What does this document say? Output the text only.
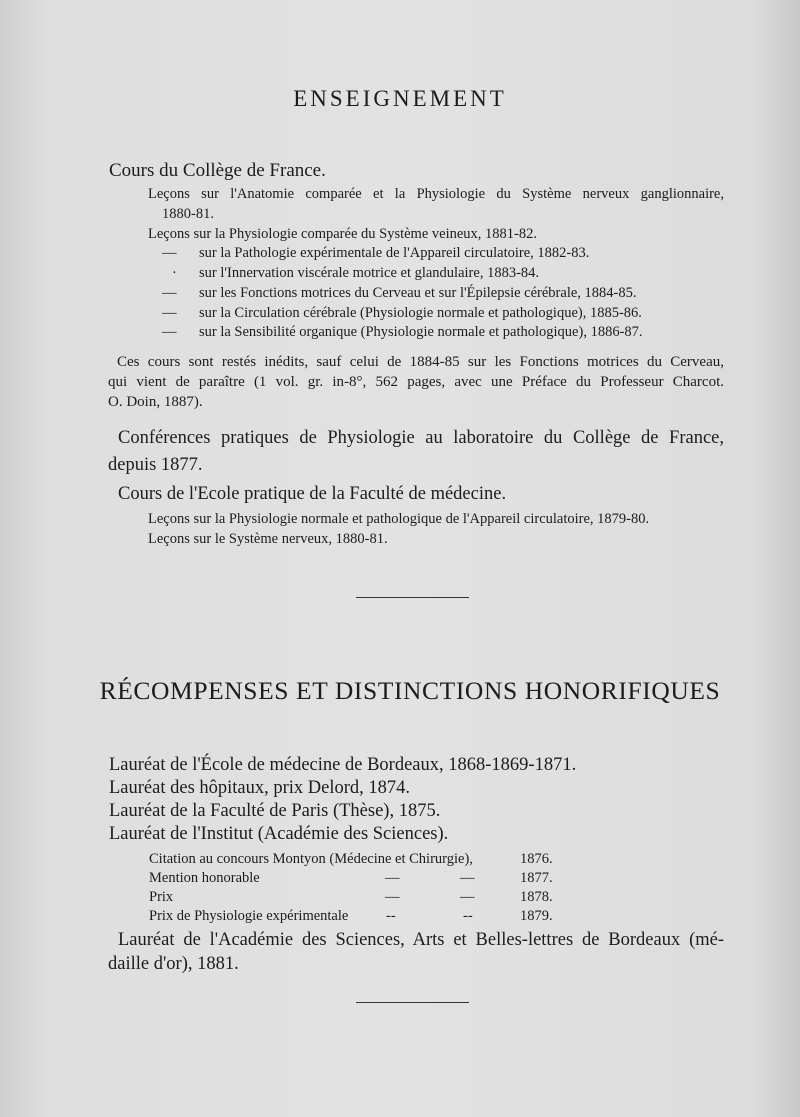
ENSEIGNEMENT
Cours du Collège de France.
Leçons sur l'Anatomie comparée et la Physiologie du Système nerveux ganglionnaire,
1880-81.
Leçons sur la Physiologie comparée du Système veineux, 1881-82.
— sur la Pathologie expérimentale de l'Appareil circulatoire, 1882-83.
· sur l'Innervation viscérale motrice et glandulaire, 1883-84.
— sur les Fonctions motrices du Cerveau et sur l'Épilepsie cérébrale, 1884-85.
— sur la Circulation cérébrale (Physiologie normale et pathologique), 1885-86.
— sur la Sensibilité organique (Physiologie normale et pathologique), 1886-87.
Ces cours sont restés inédits, sauf celui de 1884-85 sur les Fonctions motrices du Cerveau,
qui vient de paraître (1 vol. gr. in-8°, 562 pages, avec une Préface du Professeur Charcot.
O. Doin, 1887).
Conférences pratiques de Physiologie au laboratoire du Collège de France,
depuis 1877.
Cours de l'Ecole pratique de la Faculté de médecine.
Leçons sur la Physiologie normale et pathologique de l'Appareil circulatoire, 1879-80.
Leçons sur le Système nerveux, 1880-81.
RÉCOMPENSES ET DISTINCTIONS HONORIFIQUES
Lauréat de l'École de médecine de Bordeaux, 1868-1869-1871.
Lauréat des hôpitaux, prix Delord, 1874.
Lauréat de la Faculté de Paris (Thèse), 1875.
Lauréat de l'Institut (Académie des Sciences).
Citation au concours Montyon (Médecine et Chirurgie),	1876.
Mention honorable	—	—	1877.
Prix	—	—	1878.
Prix de Physiologie expérimentale	--	--	1879.
Lauréat de l'Académie des Sciences, Arts et Belles-lettres de Bordeaux (mé-
daille d'or), 1881.
